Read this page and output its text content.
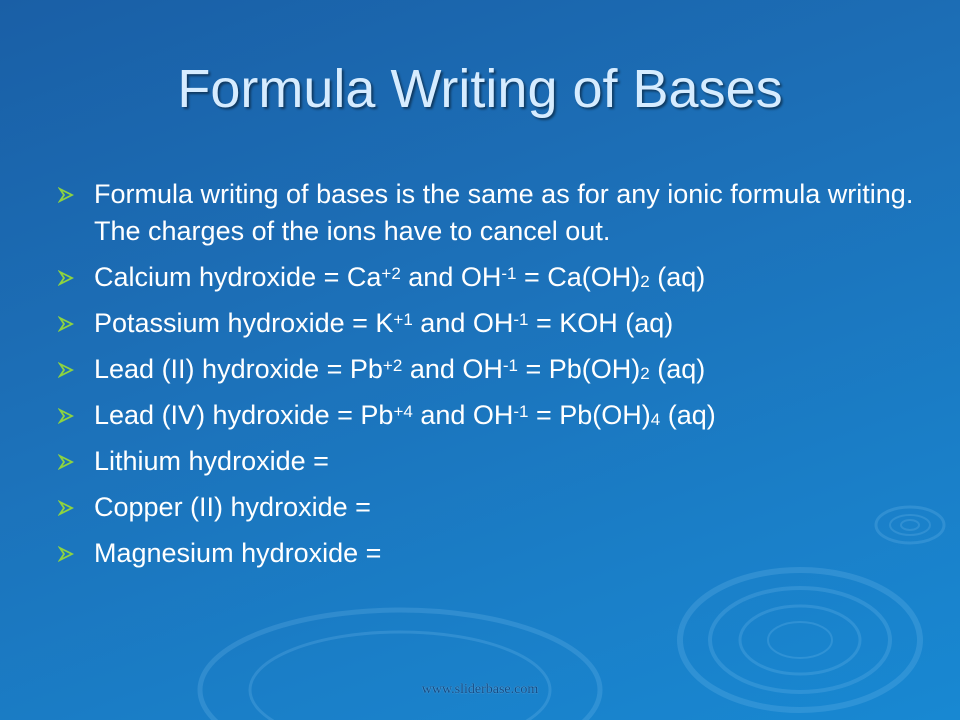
Formula Writing of Bases
Formula writing of bases is the same as for any ionic formula writing. The charges of the ions have to cancel out.
Calcium hydroxide = $Ca^{+2}$ and $OH^{-1} = Ca(OH)_2$ (aq)
Potassium hydroxide = $K^{+1}$ and $OH^{-1}$ = KOH (aq)
Lead (II) hydroxide = $Pb^{+2}$ and $OH^{-1} = Pb(OH)_2$ (aq)
Lead (IV) hydroxide = $Pb^{+4}$ and $OH^{-1} = Pb(OH)_4$ (aq)
Lithium hydroxide =
Copper (II) hydroxide =
Magnesium hydroxide =
www.sliderbase.com
